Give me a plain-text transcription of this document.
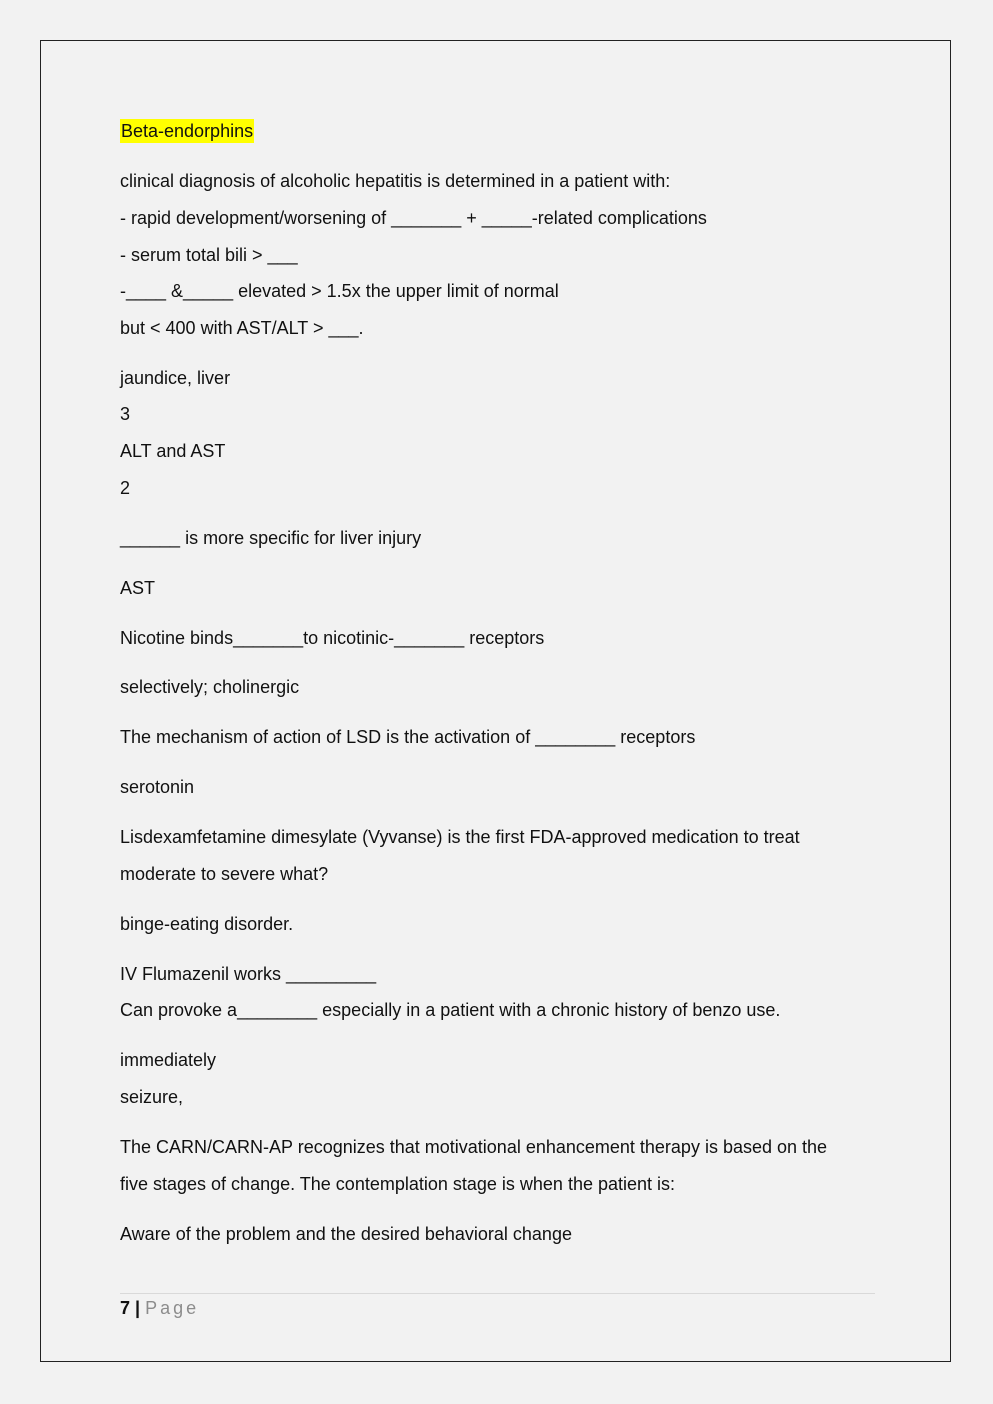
Beta-endorphins
clinical diagnosis of alcoholic hepatitis is determined in a patient with:
- rapid development/worsening of _______ + _____-related complications
- serum total bili > ___
-____ &_____ elevated > 1.5x the upper limit of normal
but < 400 with AST/ALT > ___.
jaundice, liver
3
ALT and AST
2
______ is more specific for liver injury
AST
Nicotine binds_______to nicotinic-_______ receptors
selectively; cholinergic
The mechanism of action of LSD is the activation of ________ receptors
serotonin
Lisdexamfetamine dimesylate (Vyvanse) is the first FDA-approved medication to treat
moderate to severe what?
binge-eating disorder.
IV Flumazenil works _________
Can provoke a________ especially in a patient with a chronic history of benzo use.
immediately
seizure,
The CARN/CARN-AP recognizes that motivational enhancement therapy is based on the
five stages of change. The contemplation stage is when the patient is:
Aware of the problem and the desired behavioral change
7 | Page
